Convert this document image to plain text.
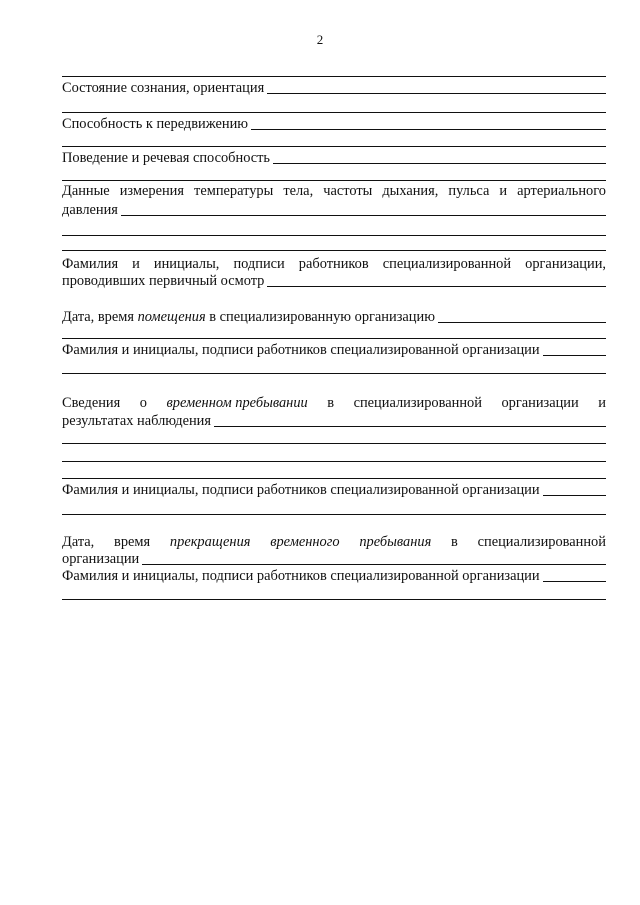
2
Состояние сознания, ориентация
Способность к передвижению
Поведение и речевая способность
Данные измерения температуры тела, частоты дыхания, пульса и артериального
давления
Фамилия и инициалы, подписи работников специализированной организации,
проводивших первичный осмотр
Дата, время помещения в специализированную организацию
Фамилия и инициалы, подписи работников специализированной организации
Сведения о временном пребывании в специализированной организации и
результатах наблюдения
Фамилия и инициалы, подписи работников специализированной организации
Дата, время прекращения временного пребывания в специализированной
организации
Фамилия и инициалы, подписи работников специализированной организации
